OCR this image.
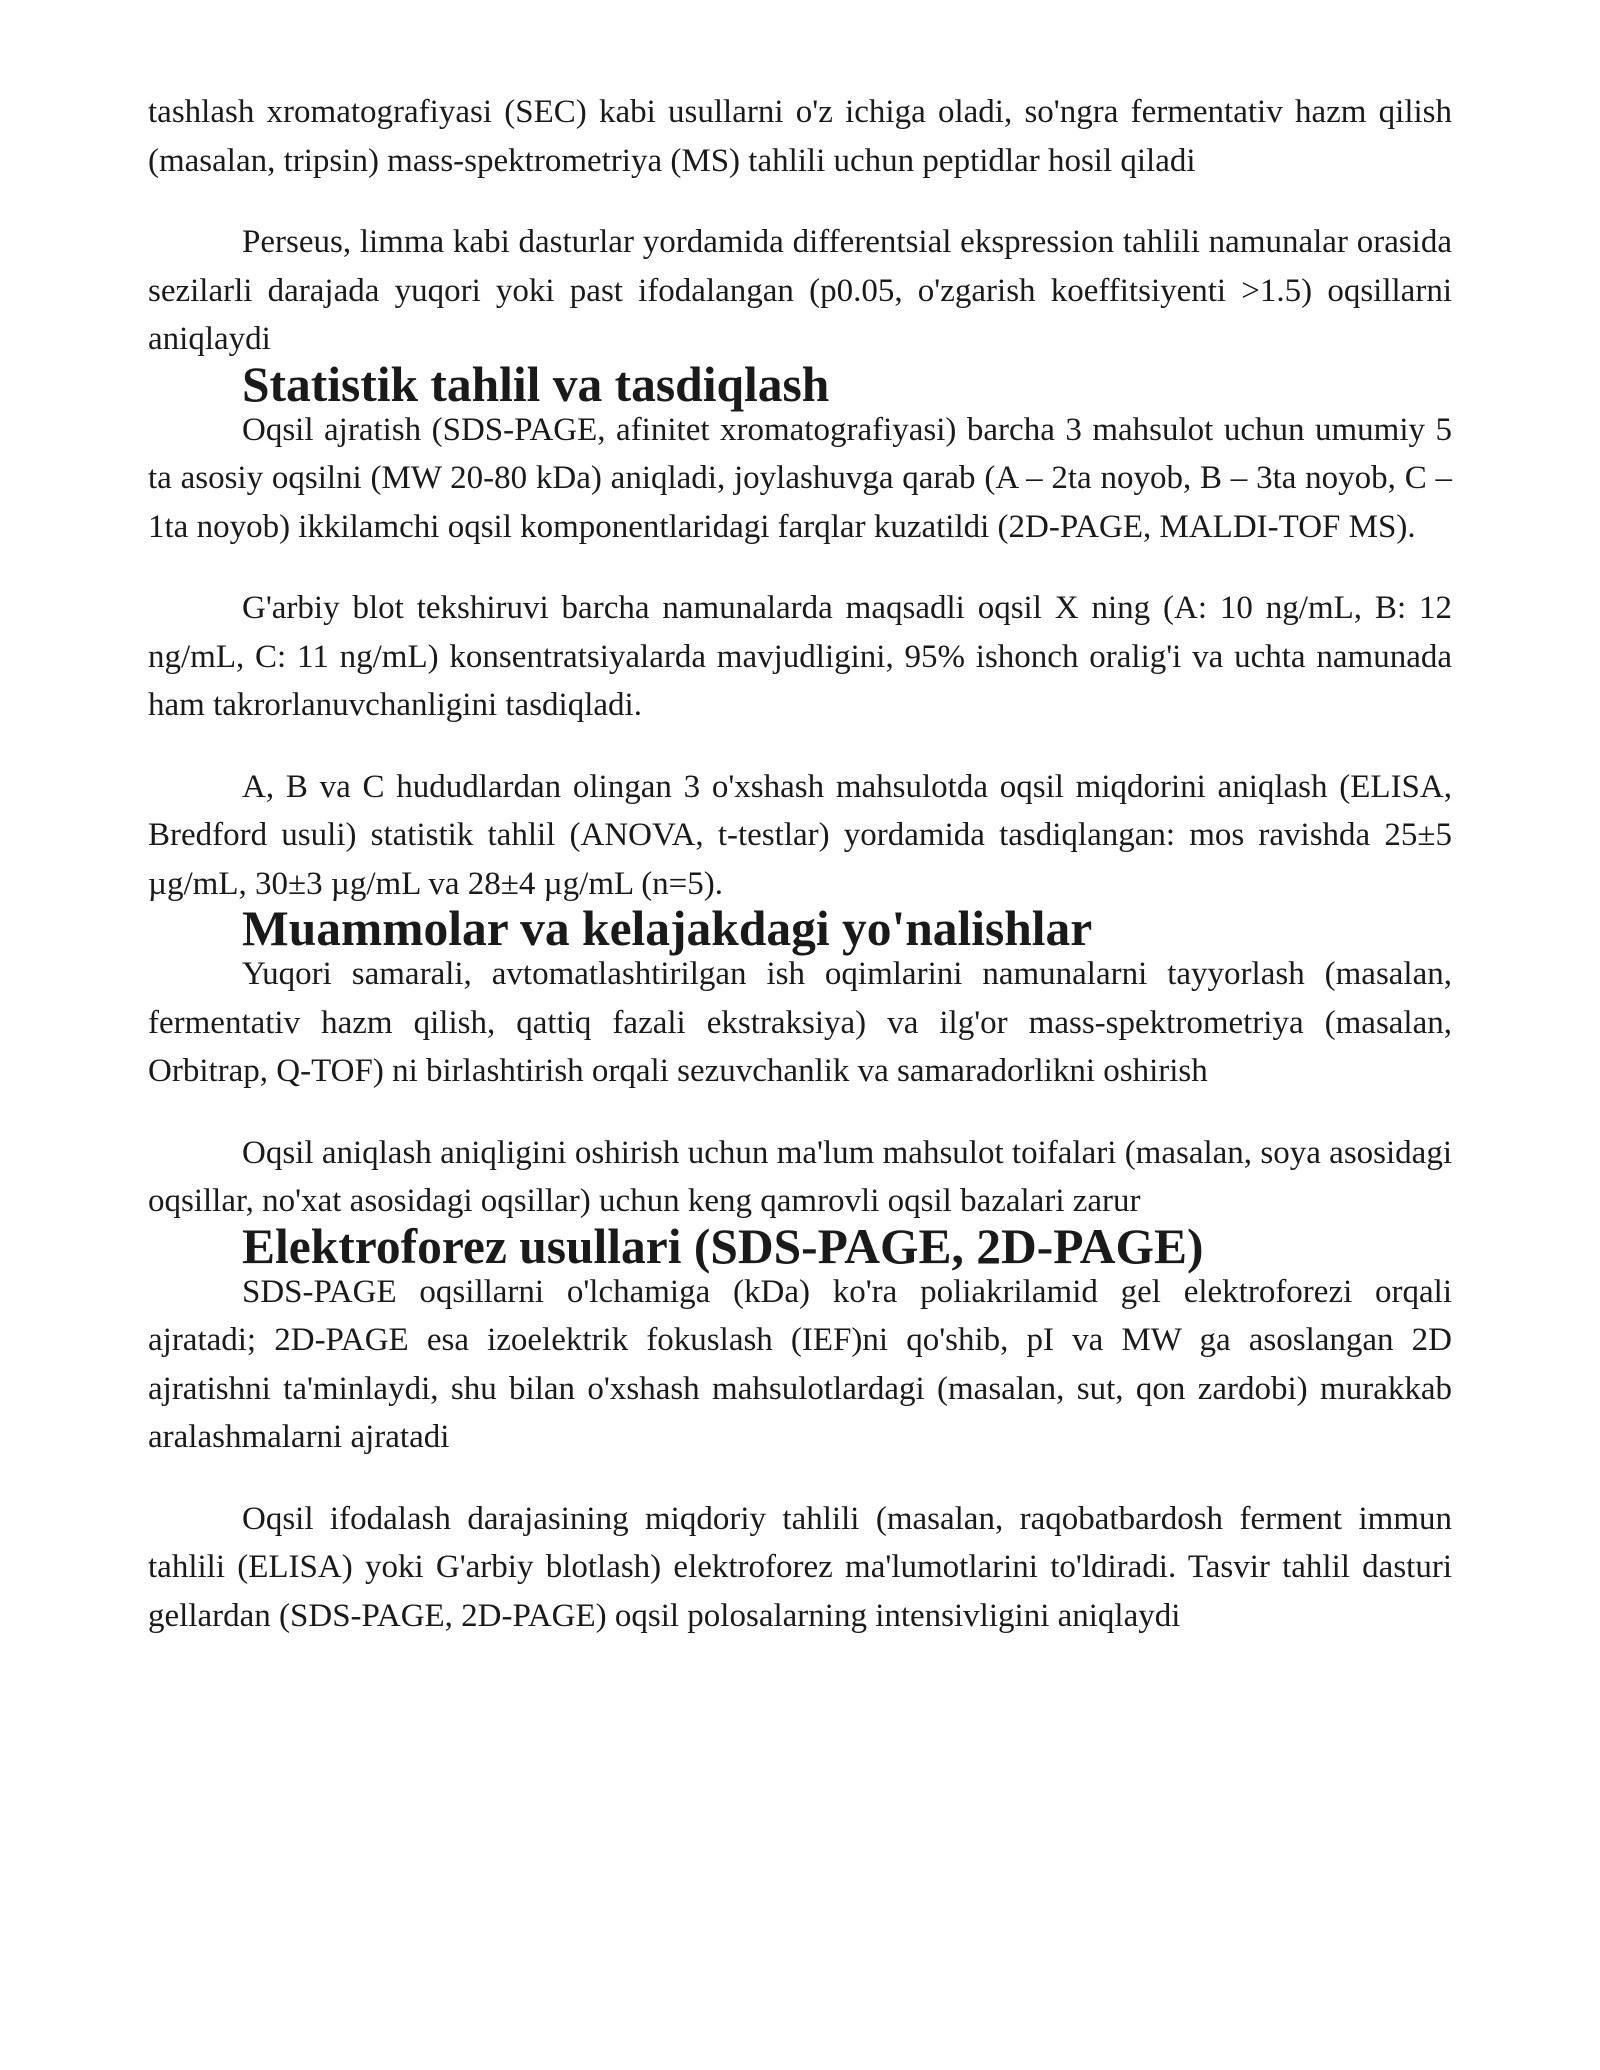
tashlash xromatografiyasi (SEC) kabi usullarni o'z ichiga oladi, so'ngra fermentativ hazm qilish (masalan, tripsin) mass-spektrometriya (MS) tahlili uchun peptidlar hosil qiladi

Perseus, limma kabi dasturlar yordamida differentsial ekspression tahlili namunalar orasida sezilarli darajada yuqori yoki past ifodalangan (p0.05, o'zgarish koeffitsiyenti >1.5) oqsillarni aniqlaydi

Statistik tahlil va tasdiqlash

Oqsil ajratish (SDS-PAGE, afinitet xromatografiyasi) barcha 3 mahsulot uchun umumiy 5 ta asosiy oqsilni (MW 20-80 kDa) aniqladi, joylashuvga qarab (A – 2ta noyob, B – 3ta noyob, C – 1ta noyob) ikkilamchi oqsil komponentlaridagi farqlar kuzatildi (2D-PAGE, MALDI-TOF MS).

G'arbiy blot tekshiruvi barcha namunalarda maqsadli oqsil X ning (A: 10 ng/mL, B: 12 ng/mL, C: 11 ng/mL) konsentratsiyalarda mavjudligini, 95% ishonch oralig'i va uchta namunada ham takrorlanuvchanligini tasdiqladi.

A, B va C hududlardan olingan 3 o'xshash mahsulotda oqsil miqdorini aniqlash (ELISA, Bredford usuli) statistik tahlil (ANOVA, t-testlar) yordamida tasdiqlangan: mos ravishda 25±5 µg/mL, 30±3 µg/mL va 28±4 µg/mL (n=5).

Muammolar va kelajakdagi yo'nalishlar

Yuqori samarali, avtomatlashtirilgan ish oqimlarini namunalarni tayyorlash (masalan, fermentativ hazm qilish, qattiq fazali ekstraksiya) va ilg'or mass-spektrometriya (masalan, Orbitrap, Q-TOF) ni birlashtirish orqali sezuvchanlik va samaradorlikni oshirish

Oqsil aniqlash aniqligini oshirish uchun ma'lum mahsulot toifalari (masalan, soya asosidagi oqsillar, no'xat asosidagi oqsillar) uchun keng qamrovli oqsil bazalari zarur

Elektroforez usullari (SDS-PAGE, 2D-PAGE)

SDS-PAGE oqsillarni o'lchamiga (kDa) ko'ra poliakrilamid gel elektroforezi orqali ajratadi; 2D-PAGE esa izoelektrik fokuslash (IEF)ni qo'shib, pI va MW ga asoslangan 2D ajratishni ta'minlaydi, shu bilan o'xshash mahsulotlardagi (masalan, sut, qon zardobi) murakkab aralashmalarni ajratadi

Oqsil ifodalash darajasining miqdoriy tahlili (masalan, raqobatbardosh ferment immun tahlili (ELISA) yoki G'arbiy blotlash) elektroforez ma'lumotlarini to'ldiradi. Tasvir tahlil dasturi gellardan (SDS-PAGE, 2D-PAGE) oqsil polosalarning intensivligini aniqlaydi
